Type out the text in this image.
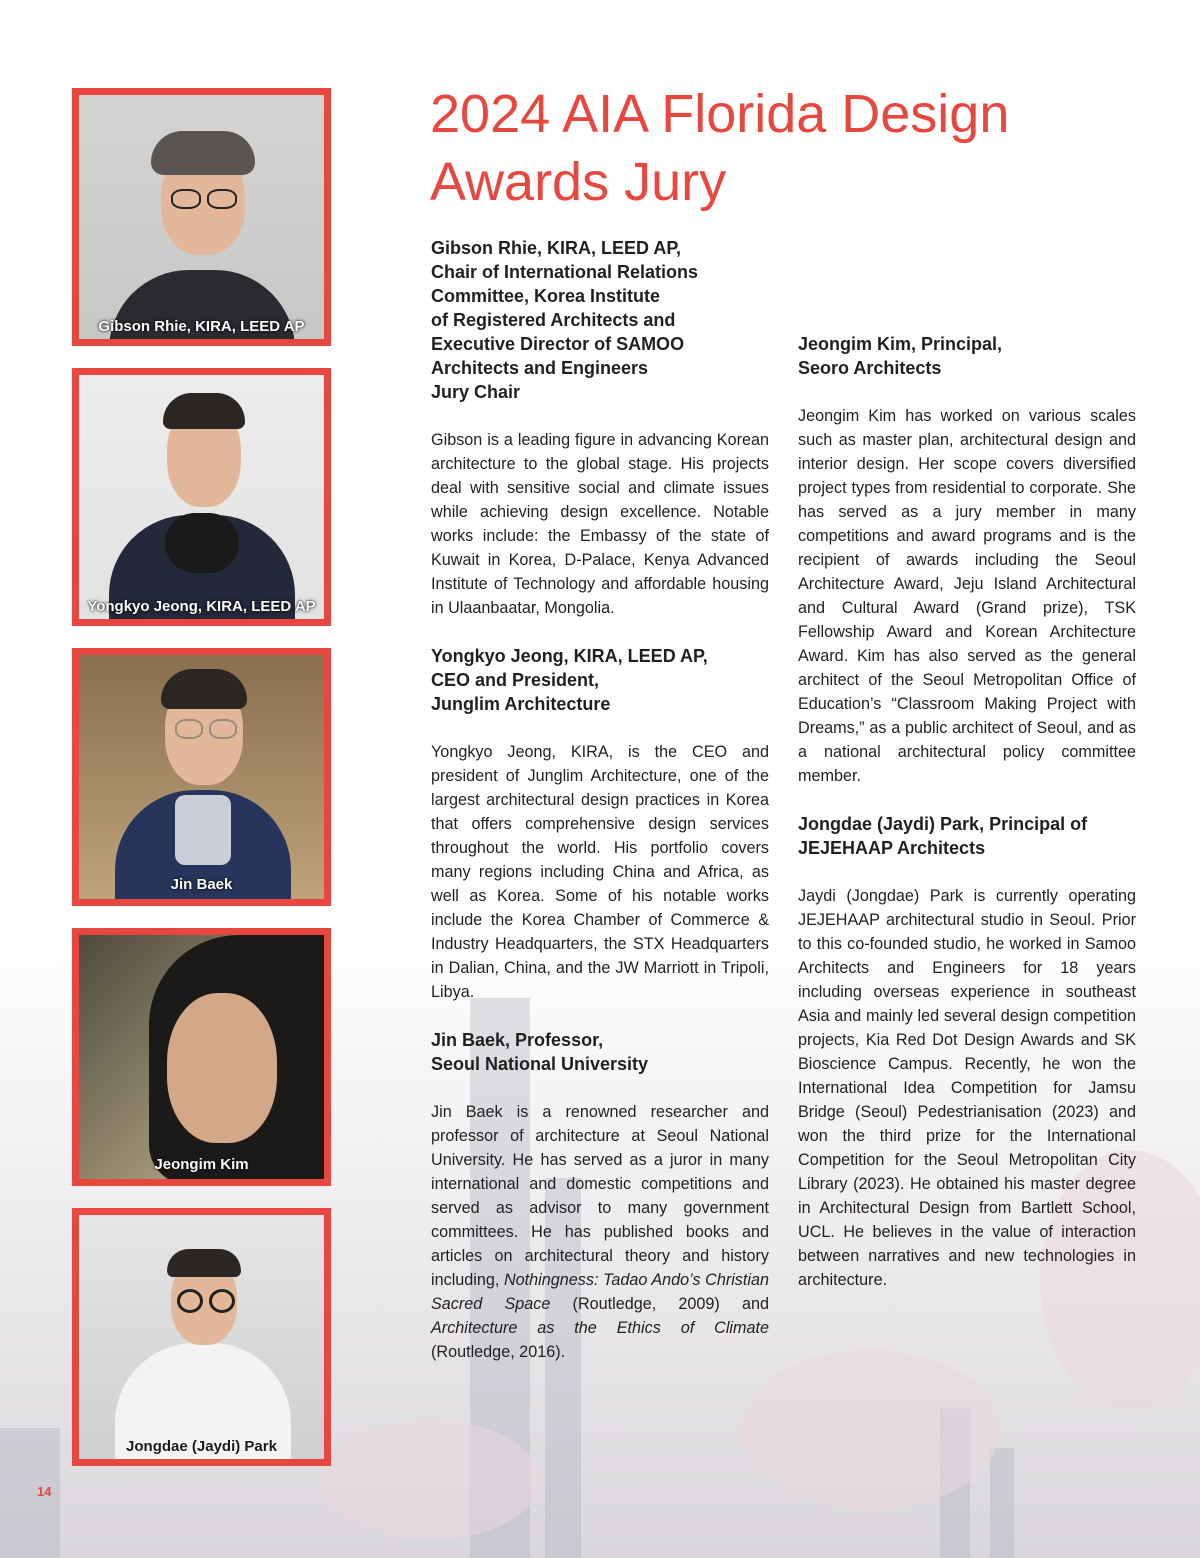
Gibson Rhie, KIRA, LEED AP
Yongkyo Jeong, KIRA, LEED AP
Jin Baek
Jeongim Kim
Jongdae (Jaydi) Park
2024 AIA Florida Design Awards Jury
Gibson Rhie, KIRA, LEED AP,
Chair of International Relations
Committee, Korea Institute
of Registered Architects and
Executive Director of SAMOO
Architects and Engineers
Jury Chair

Gibson is a leading figure in advancing Korean architecture to the global stage. His projects deal with sensitive social and climate issues while achieving design excellence. Notable works include: the Embassy of the state of Kuwait in Korea, D-Palace, Kenya Advanced Institute of Technology and affordable housing in Ulaanbaatar, Mongolia.

Yongkyo Jeong, KIRA, LEED AP,
CEO and President,
Junglim Architecture

Yongkyo Jeong, KIRA, is the CEO and president of Junglim Architecture, one of the largest architectural design practices in Korea that offers comprehensive design services throughout the world. His portfolio covers many regions including China and Africa, as well as Korea. Some of his notable works include the Korea Chamber of Commerce & Industry Headquarters, the STX Headquarters in Dalian, China, and the JW Marriott in Tripoli, Libya.

Jin Baek, Professor,
Seoul National University

Jin Baek is a renowned researcher and professor of architecture at Seoul National University. He has served as a juror in many international and domestic competitions and served as advisor to many government committees. He has published books and articles on architectural theory and history including, Nothingness: Tadao Ando’s Christian Sacred Space (Routledge, 2009) and Architecture as the Ethics of Climate (Routledge, 2016).

Jeongim Kim, Principal,
Seoro Architects

Jeongim Kim has worked on various scales such as master plan, architectural design and interior design. Her scope covers diversified project types from residential to corporate. She has served as a jury member in many competitions and award programs and is the recipient of awards including the Seoul Architecture Award, Jeju Island Architectural and Cultural Award (Grand prize), TSK Fellowship Award and Korean Architecture Award. Kim has also served as the general architect of the Seoul Metropolitan Office of Education’s “Classroom Making Project with Dreams,” as a public architect of Seoul, and as a national architectural policy committee member.

Jongdae (Jaydi) Park, Principal of
JEJEHAAP Architects

Jaydi (Jongdae) Park is currently operating JEJEHAAP architectural studio in Seoul. Prior to this co-founded studio, he worked in Samoo Architects and Engineers for 18 years including overseas experience in southeast Asia and mainly led several design competition projects, Kia Red Dot Design Awards and SK Bioscience Campus. Recently, he won the International Idea Competition for Jamsu Bridge (Seoul) Pedestrianisation (2023) and won the third prize for the International Competition for the Seoul Metropolitan City Library (2023). He obtained his master degree in Architectural Design from Bartlett School, UCL. He believes in the value of interaction between narratives and new technologies in architecture.

14
